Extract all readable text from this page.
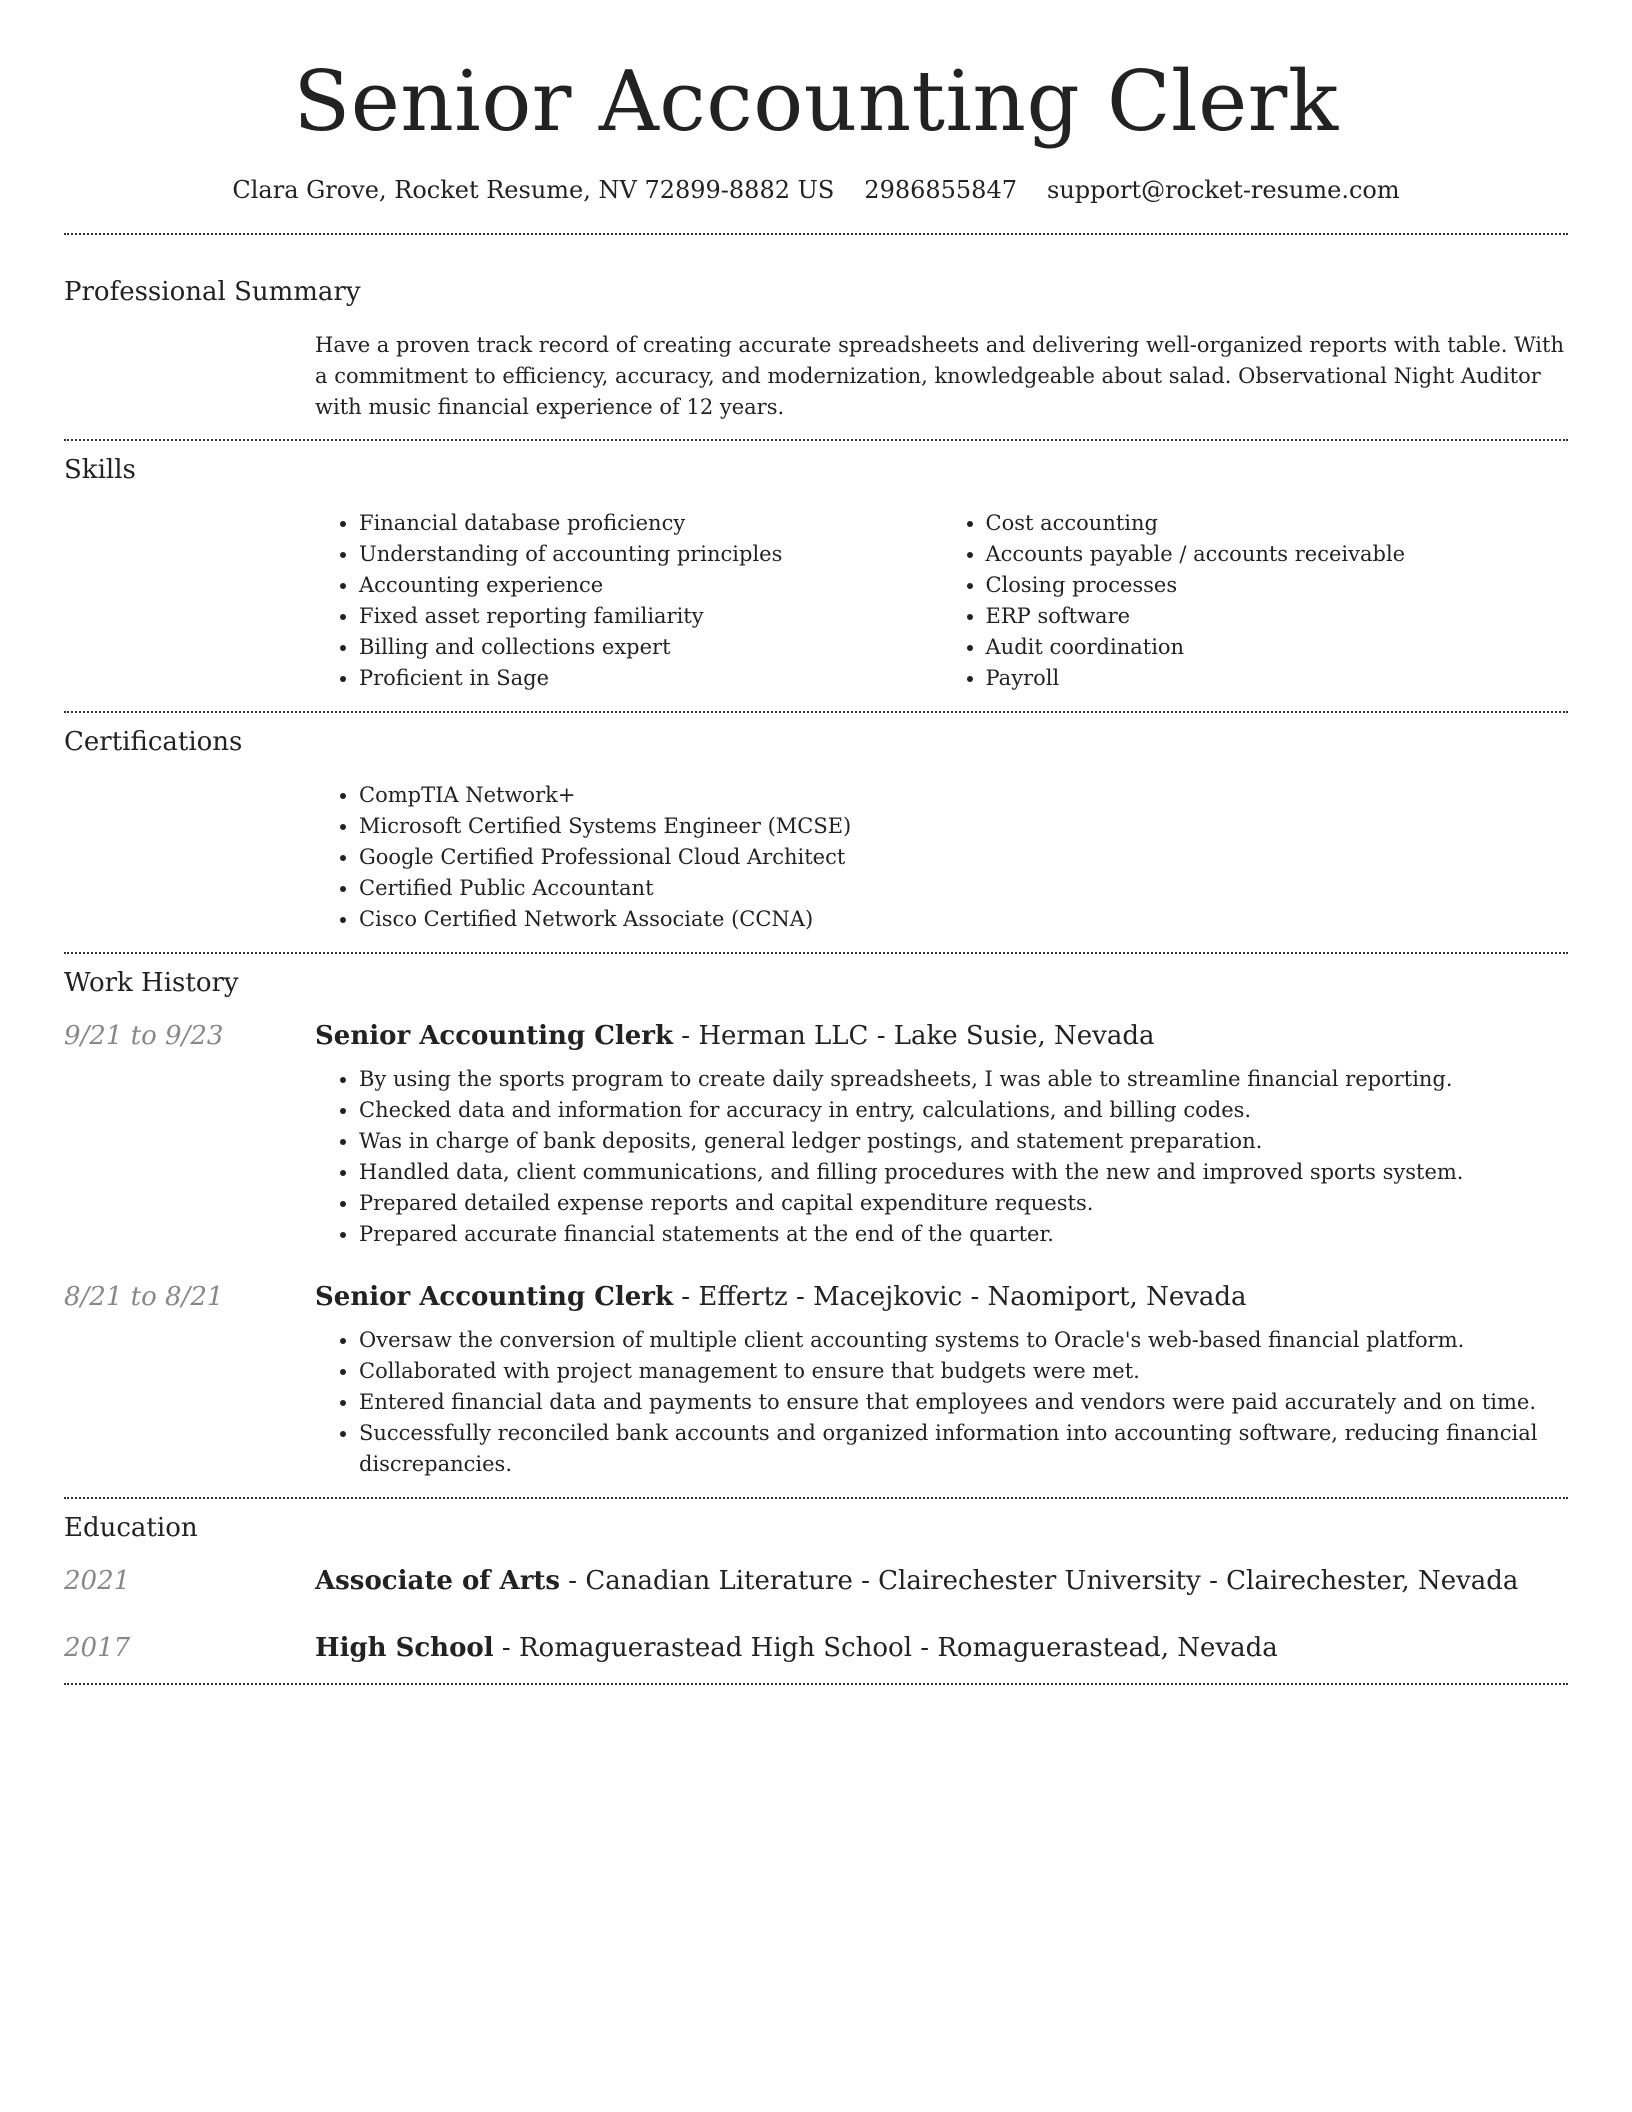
Senior Accounting Clerk
Clara Grove, Rocket Resume, NV 72899-8882 US 2986855847 support@rocket-resume.com
Professional Summary
Have a proven track record of creating accurate spreadsheets and delivering well-organized reports with table. With a commitment to efficiency, accuracy, and modernization, knowledgeable about salad. Observational Night Auditor with music financial experience of 12 years.
Skills
• Financial database proficiency
• Understanding of accounting principles
• Accounting experience
• Fixed asset reporting familiarity
• Billing and collections expert
• Proficient in Sage
• Cost accounting
• Accounts payable / accounts receivable
• Closing processes
• ERP software
• Audit coordination
• Payroll
Certifications
• CompTIA Network+
• Microsoft Certified Systems Engineer (MCSE)
• Google Certified Professional Cloud Architect
• Certified Public Accountant
• Cisco Certified Network Associate (CCNA)
Work History
9/21 to 9/23	Senior Accounting Clerk - Herman LLC - Lake Susie, Nevada
• By using the sports program to create daily spreadsheets, I was able to streamline financial reporting.
• Checked data and information for accuracy in entry, calculations, and billing codes.
• Was in charge of bank deposits, general ledger postings, and statement preparation.
• Handled data, client communications, and filling procedures with the new and improved sports system.
• Prepared detailed expense reports and capital expenditure requests.
• Prepared accurate financial statements at the end of the quarter.
8/21 to 8/21	Senior Accounting Clerk - Effertz - Macejkovic - Naomiport, Nevada
• Oversaw the conversion of multiple client accounting systems to Oracle's web-based financial platform.
• Collaborated with project management to ensure that budgets were met.
• Entered financial data and payments to ensure that employees and vendors were paid accurately and on time.
• Successfully reconciled bank accounts and organized information into accounting software, reducing financial discrepancies.
Education
2021	Associate of Arts - Canadian Literature - Clairechester University - Clairechester, Nevada
2017	High School - Romaguerastead High School - Romaguerastead, Nevada
